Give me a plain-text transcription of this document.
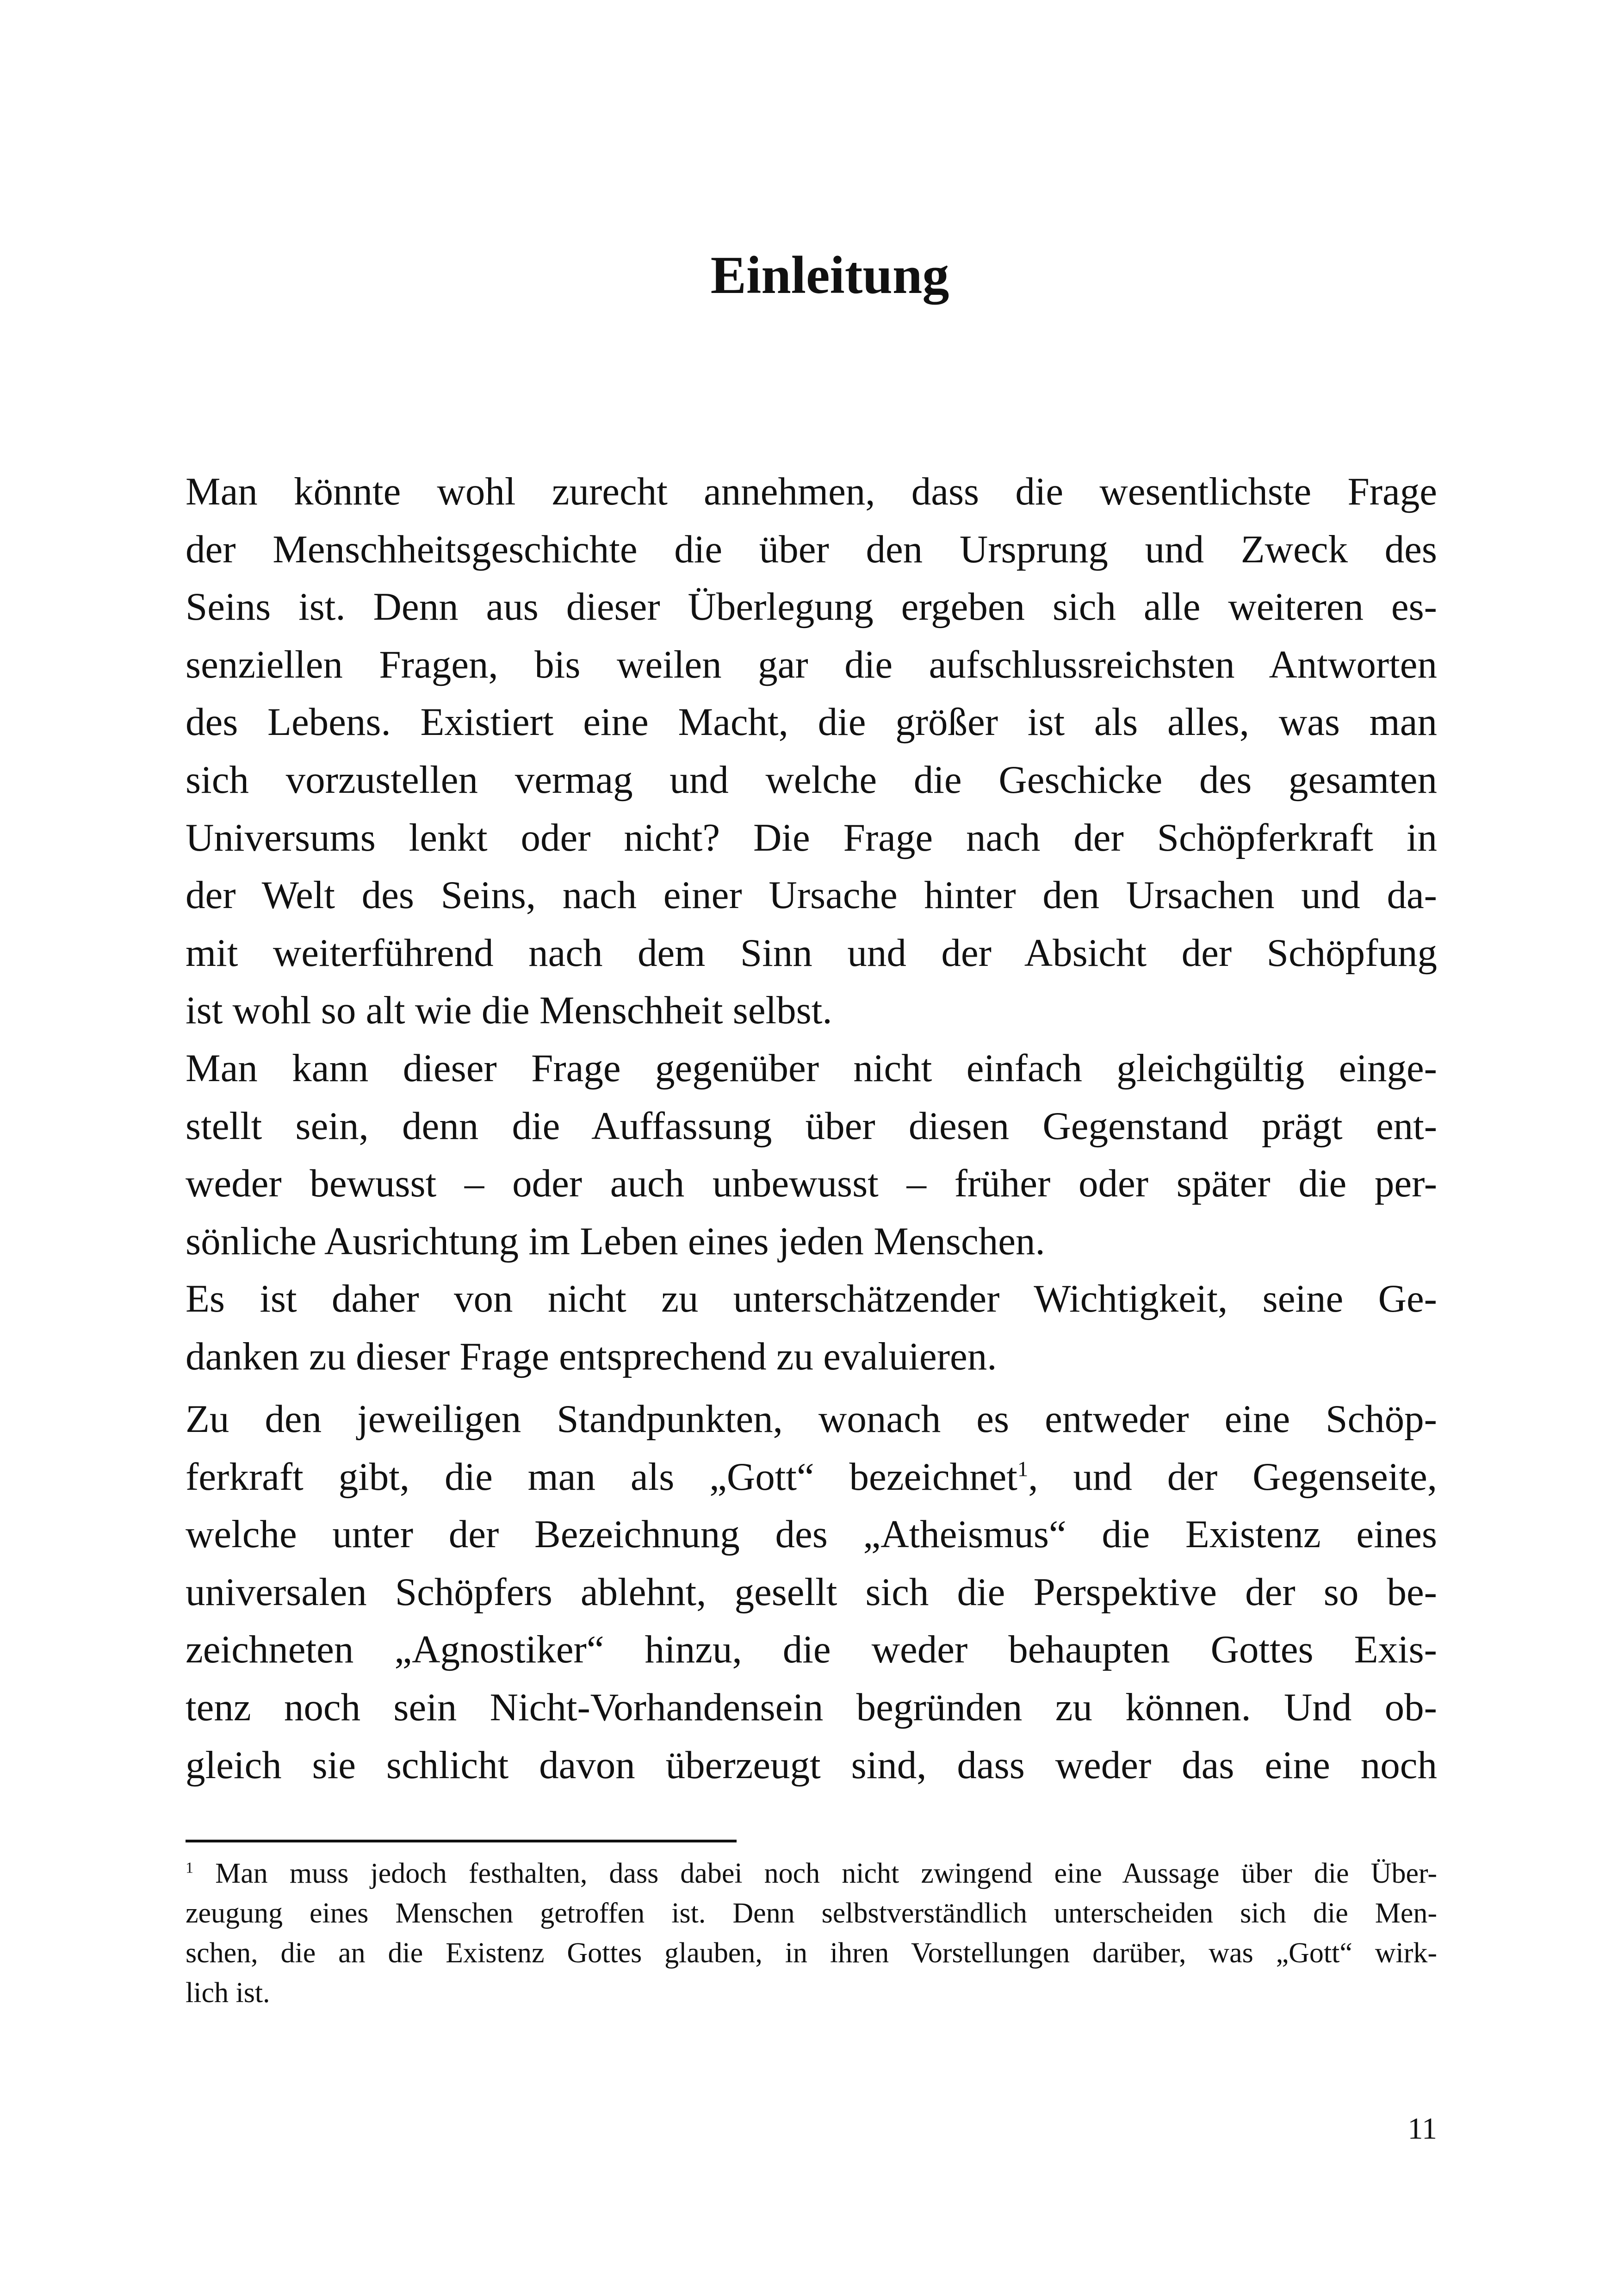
Einleitung
Man könnte wohl zurecht annehmen, dass die wesentlichste Frage
der Menschheitsgeschichte die über den Ursprung und Zweck des
Seins ist. Denn aus dieser Überlegung ergeben sich alle weiteren es-
senziellen Fragen, bis weilen gar die aufschlussreichsten Antworten
des Lebens. Existiert eine Macht, die größer ist als alles, was man
sich vorzustellen vermag und welche die Geschicke des gesamten
Universums lenkt oder nicht? Die Frage nach der Schöpferkraft in
der Welt des Seins, nach einer Ursache hinter den Ursachen und da-
mit weiterführend nach dem Sinn und der Absicht der Schöpfung
ist wohl so alt wie die Menschheit selbst.
Man kann dieser Frage gegenüber nicht einfach gleichgültig einge-
stellt sein, denn die Auffassung über diesen Gegenstand prägt ent-
weder bewusst – oder auch unbewusst – früher oder später die per-
sönliche Ausrichtung im Leben eines jeden Menschen.
Es ist daher von nicht zu unterschätzender Wichtigkeit, seine Ge-
danken zu dieser Frage entsprechend zu evaluieren.
Zu den jeweiligen Standpunkten, wonach es entweder eine Schöp-
ferkraft gibt, die man als „Gott“ bezeichnet$^1$, und der Gegenseite,
welche unter der Bezeichnung des „Atheismus“ die Existenz eines
universalen Schöpfers ablehnt, gesellt sich die Perspektive der so be-
zeichneten „Agnostiker“ hinzu, die weder behaupten Gottes Exis-
tenz noch sein Nicht-Vorhandensein begründen zu können. Und ob-
gleich sie schlicht davon überzeugt sind, dass weder das eine noch
$^1$ Man muss jedoch festhalten, dass dabei noch nicht zwingend eine Aussage über die Über-
zeugung eines Menschen getroffen ist. Denn selbstverständlich unterscheiden sich die Men-
schen, die an die Existenz Gottes glauben, in ihren Vorstellungen darüber, was „Gott“ wirk-
lich ist.
11
